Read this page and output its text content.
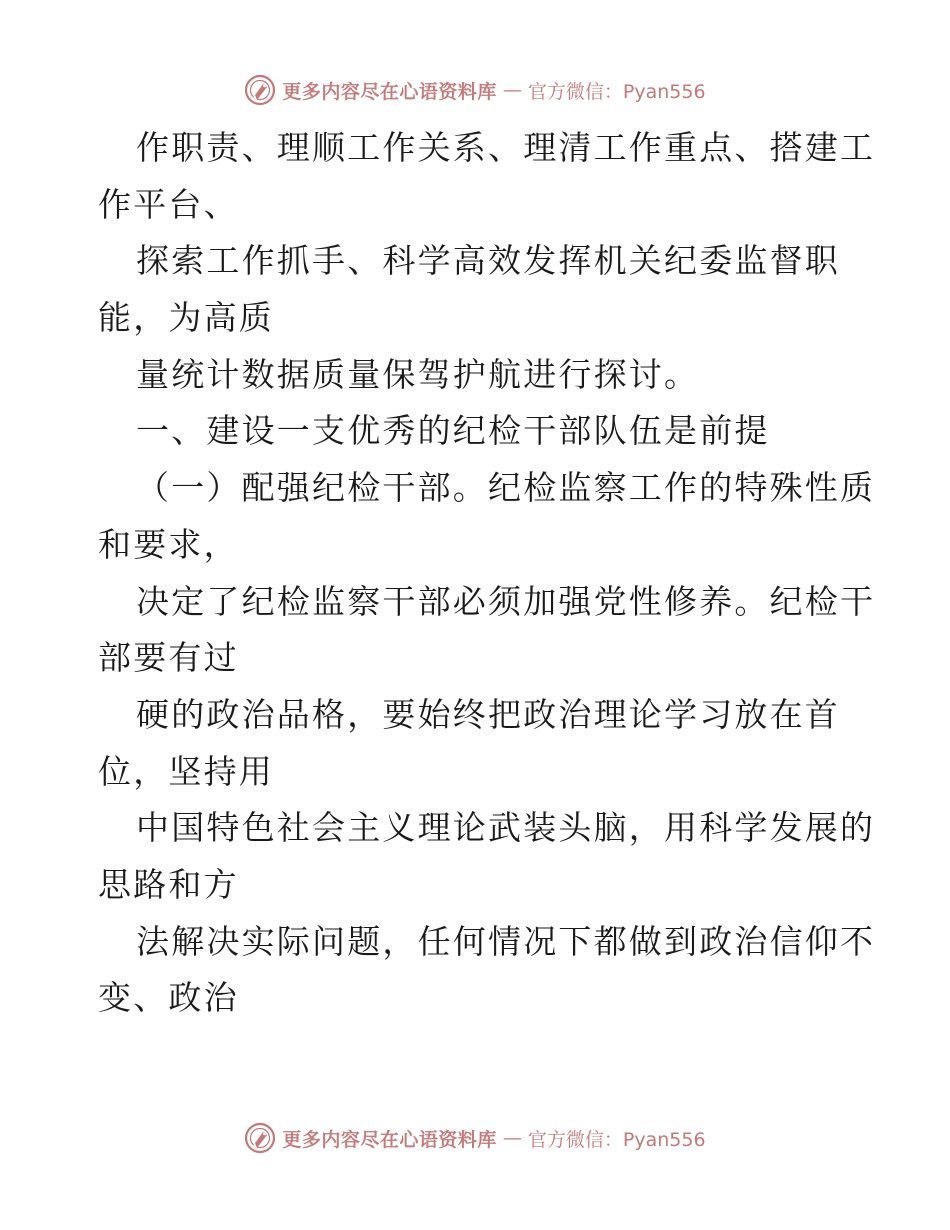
更多内容尽在心语资料库 — 官方微信：Pyan556
作职责、理顺工作关系、理清工作重点、搭建工
作平台、
探索工作抓手、科学高效发挥机关纪委监督职
能，为高质
量统计数据质量保驾护航进行探讨。
一、建设一支优秀的纪检干部队伍是前提
（一）配强纪检干部。纪检监察工作的特殊性质
和要求，
决定了纪检监察干部必须加强党性修养。纪检干
部要有过
硬的政治品格，要始终把政治理论学习放在首
位，坚持用
中国特色社会主义理论武装头脑，用科学发展的
思路和方
法解决实际问题，任何情况下都做到政治信仰不
变、政治
更多内容尽在心语资料库 — 官方微信：Pyan556
